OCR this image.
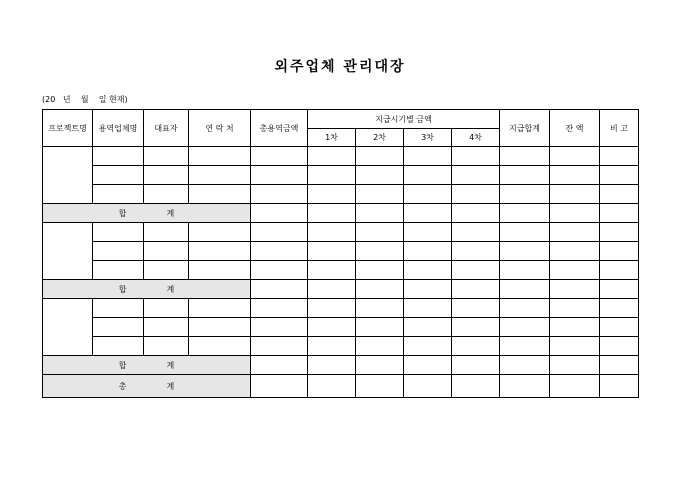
외주업체 관리대장
(20   년    월    일 현재)
프로젝트명	용역업체명	대표자	연 락 처	총용역금액	지급시기별 금액				지급합계	잔 액	비 고
					1차	2차	3차	4차			

합 계											

합 계											

합 계											
총 계											
